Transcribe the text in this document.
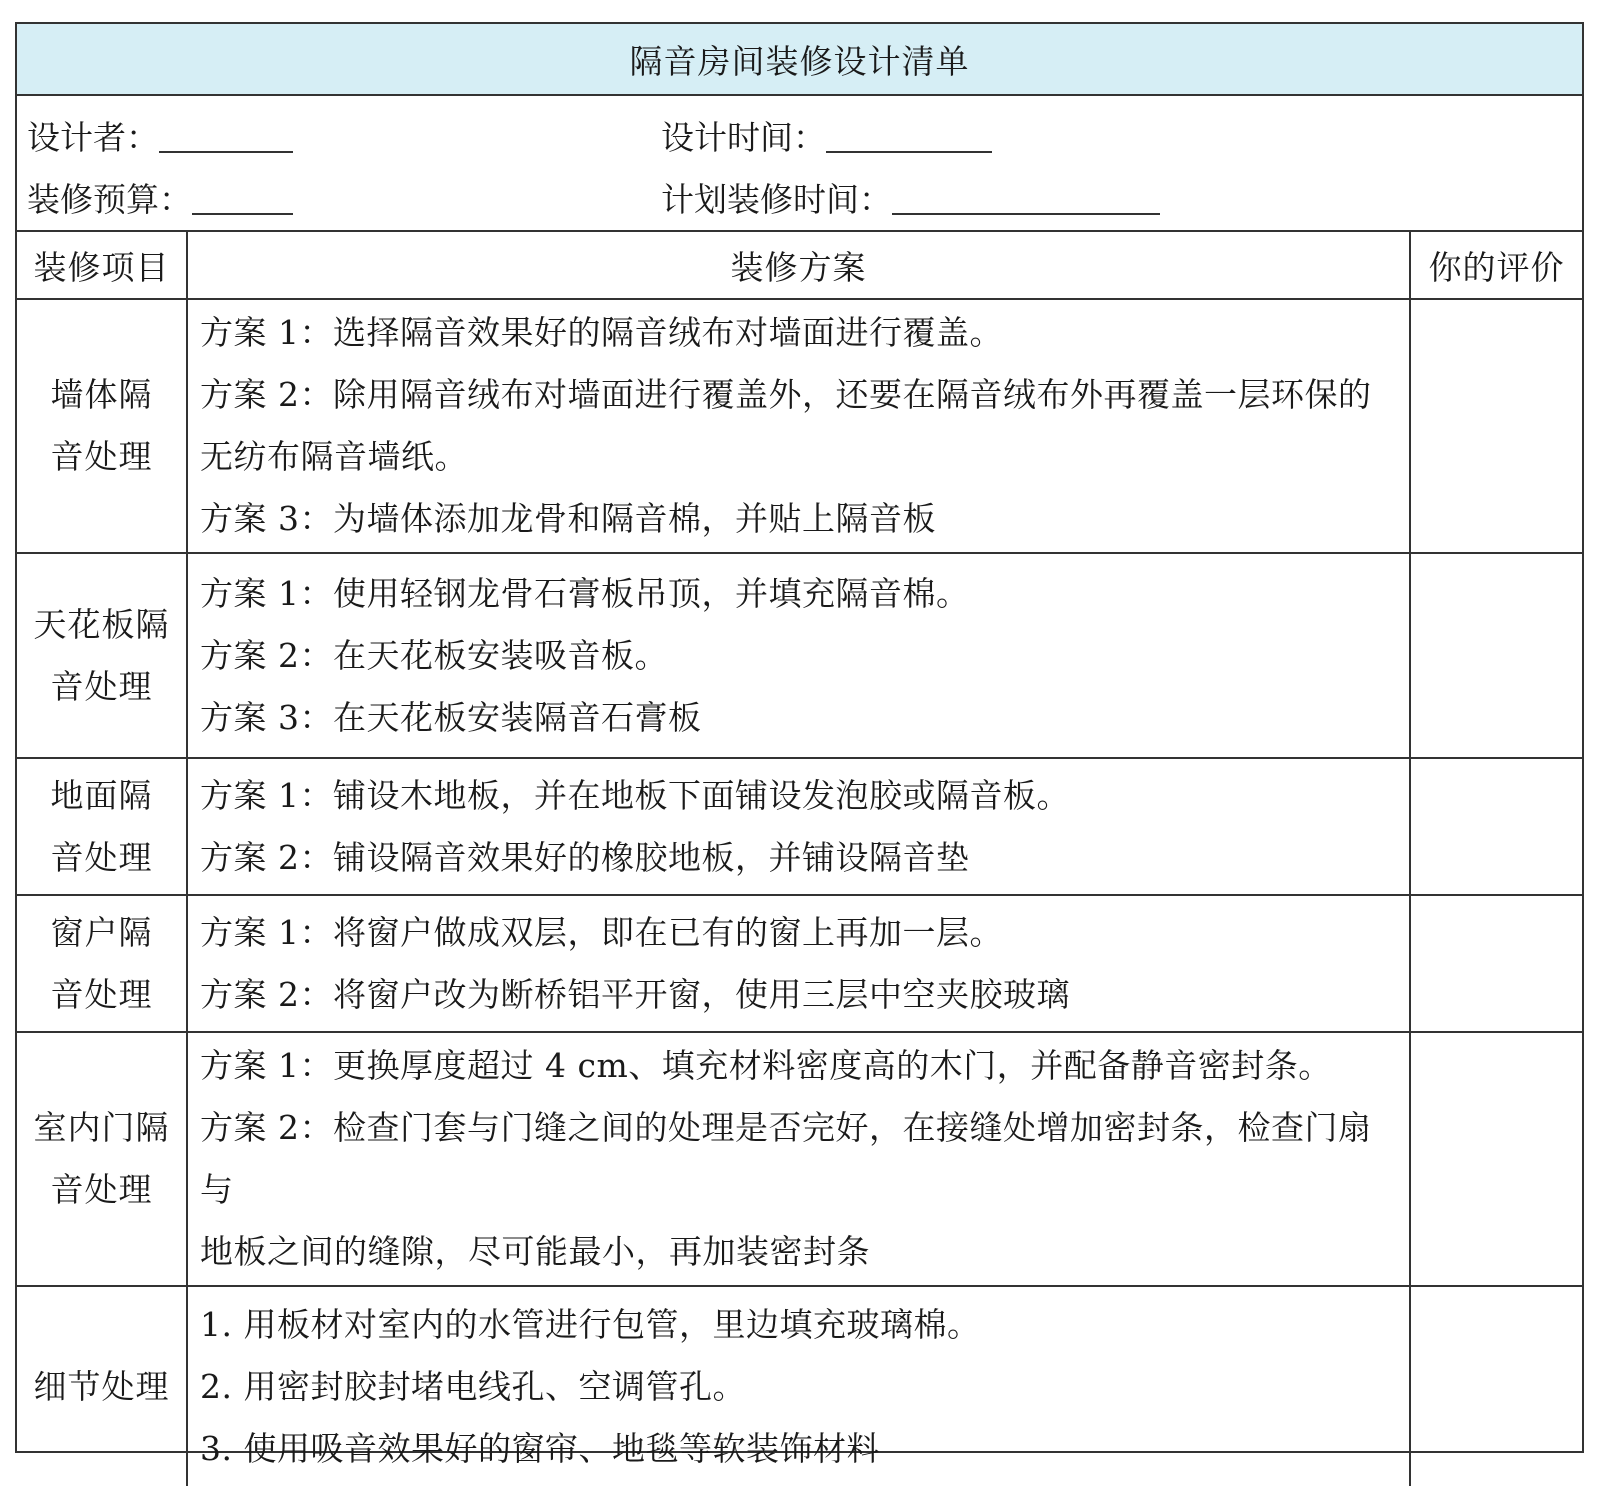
隔音房间装修设计清单
设计者：	设计时间：
装修预算：	计划装修时间：
装修项目	装修方案	你的评价

墙体隔
音处理	方案 1：选择隔音效果好的隔音绒布对墙面进行覆盖。
方案 2：除用隔音绒布对墙面进行覆盖外，还要在隔音绒布外再覆盖一层环保的
无纺布隔音墙纸。
方案 3：为墙体添加龙骨和隔音棉，并贴上隔音板	

天花板隔
音处理	方案 1：使用轻钢龙骨石膏板吊顶，并填充隔音棉。
方案 2：在天花板安装吸音板。
方案 3：在天花板安装隔音石膏板	

地面隔
音处理	方案 1：铺设木地板，并在地板下面铺设发泡胶或隔音板。
方案 2：铺设隔音效果好的橡胶地板，并铺设隔音垫	

窗户隔
音处理	方案 1：将窗户做成双层，即在已有的窗上再加一层。
方案 2：将窗户改为断桥铝平开窗，使用三层中空夹胶玻璃	

室内门隔
音处理	方案 1：更换厚度超过 4 cm、填充材料密度高的木门，并配备静音密封条。
方案 2：检查门套与门缝之间的处理是否完好，在接缝处增加密封条，检查门扇与
地板之间的缝隙，尽可能最小，再加装密封条	

细节处理	1. 用板材对室内的水管进行包管，里边填充玻璃棉。
2. 用密封胶封堵电线孔、空调管孔。
3. 使用吸音效果好的窗帘、地毯等软装饰材料	
